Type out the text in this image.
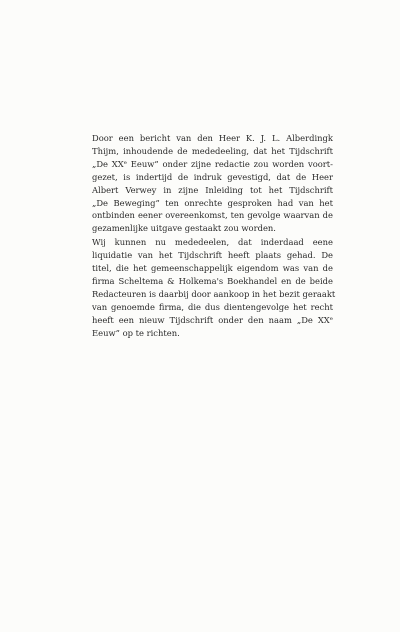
Door een bericht van den Heer K. J. L. Alberdingk
Thijm, inhoudende de mededeeling, dat het Tijdschrift
„De XXᵉ Eeuw” onder zijne redactie zou worden voort-
gezet, is indertijd de indruk gevestigd, dat de Heer
Albert Verwey in zijne Inleiding tot het Tijdschrift
„De Beweging” ten onrechte gesproken had van het
ontbinden eener overeenkomst, ten gevolge waarvan de
gezamenlijke uitgave gestaakt zou worden.
Wij kunnen nu mededeelen, dat inderdaad eene
liquidatie van het Tijdschrift heeft plaats gehad. De
titel, die het gemeenschappelijk eigendom was van de
firma Scheltema & Holkema's Boekhandel en de beide
Redacteuren is daarbij door aankoop in het bezit geraakt
van genoemde firma, die dus dientengevolge het recht
heeft een nieuw Tijdschrift onder den naam „De XXᵉ
Eeuw” op te richten.
